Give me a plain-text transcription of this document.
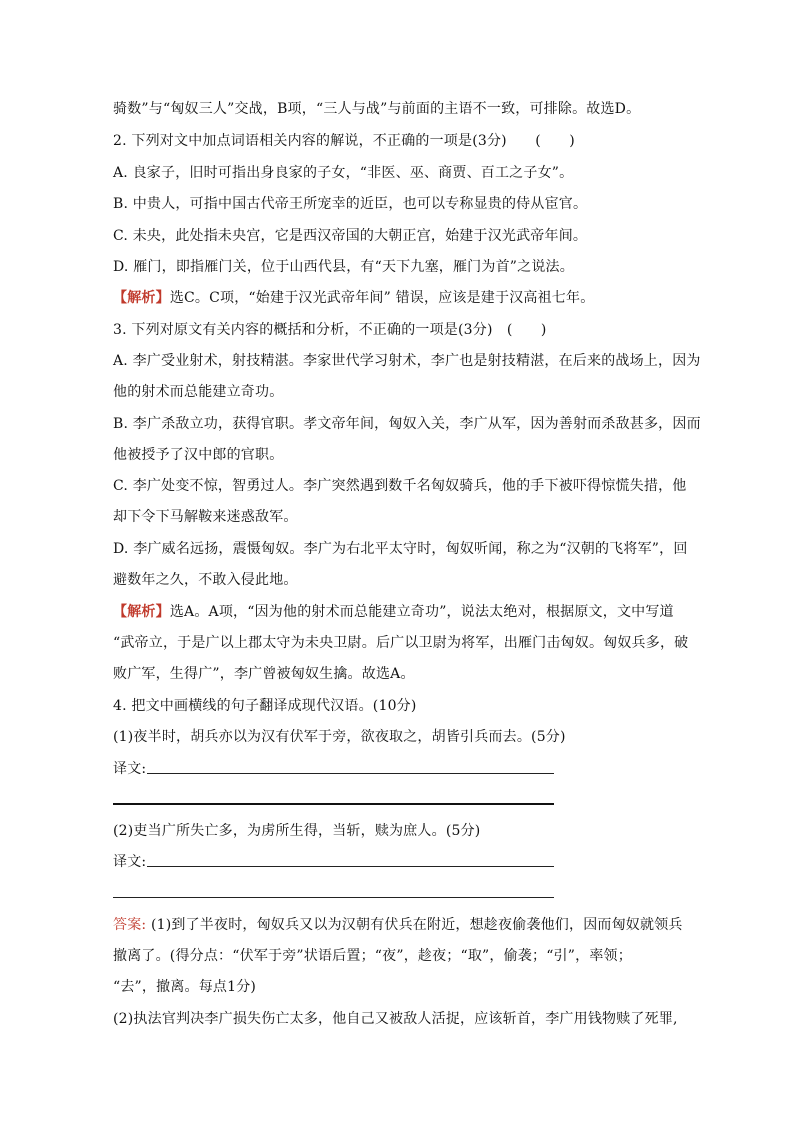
骑数”与“匈奴三人”交战，B项，“三人与战”与前面的主语不一致，可排除。故选D。
2. 下列对文中加点词语相关内容的解说，不正确的一项是(3分)　　(　　)
A. 良家子，旧时可指出身良家的子女，“非医、巫、商贾、百工之子女”。
B. 中贵人，可指中国古代帝王所宠幸的近臣，也可以专称显贵的侍从宦官。
C. 未央，此处指未央宫，它是西汉帝国的大朝正宫，始建于汉光武帝年间。
D. 雁门，即指雁门关，位于山西代县，有“天下九塞，雁门为首”之说法。
【解析】选C。C项，“始建于汉光武帝年间” 错误，应该是建于汉高祖七年。
3. 下列对原文有关内容的概括和分析，不正确的一项是(3分)　(　　)
A. 李广受业射术，射技精湛。李家世代学习射术，李广也是射技精湛，在后来的战场上，因为
他的射术而总能建立奇功。
B. 李广杀敌立功，获得官职。孝文帝年间，匈奴入关，李广从军，因为善射而杀敌甚多，因而
他被授予了汉中郎的官职。
C. 李广处变不惊，智勇过人。李广突然遇到数千名匈奴骑兵，他的手下被吓得惊慌失措，他
却下令下马解鞍来迷惑敌军。
D. 李广威名远扬，震慑匈奴。李广为右北平太守时，匈奴听闻，称之为“汉朝的飞将军”，回
避数年之久，不敢入侵此地。
【解析】选A。A项，“因为他的射术而总能建立奇功”，说法太绝对，根据原文，文中写道
“武帝立，于是广以上郡太守为未央卫尉。后广以卫尉为将军，出雁门击匈奴。匈奴兵多，破
败广军，生得广”，李广曾被匈奴生擒。故选A。
4. 把文中画横线的句子翻译成现代汉语。(10分)
(1)夜半时，胡兵亦以为汉有伏军于旁，欲夜取之，胡皆引兵而去。(5分)
译文:
(2)吏当广所失亡多，为虏所生得，当斩，赎为庶人。(5分)
译文:
答案: (1)到了半夜时，匈奴兵又以为汉朝有伏兵在附近，想趁夜偷袭他们，因而匈奴就领兵
撤离了。(得分点：“伏军于旁”状语后置；“夜”，趁夜；“取”，偷袭；“引”，率领；
“去”，撤离。每点1分)
(2)执法官判决李广损失伤亡太多，他自己又被敌人活捉，应该斩首，李广用钱物赎了死罪,
